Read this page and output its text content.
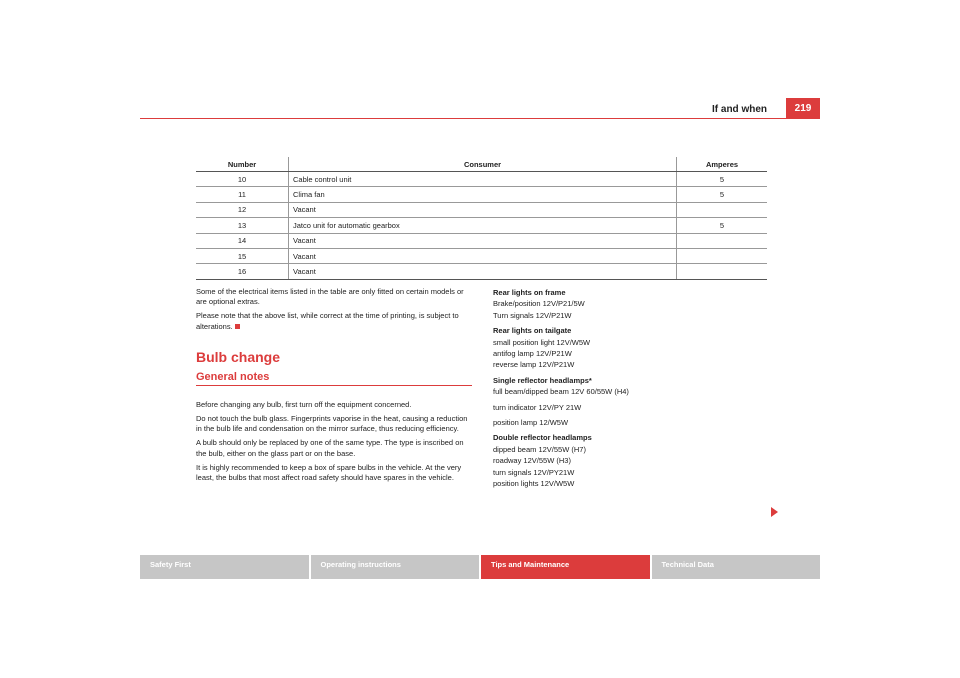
If and when	219
Number	Consumer	Amperes
10	Cable control unit	5
11	Clima fan	5
12	Vacant	
13	Jatco unit for automatic gearbox	5
14	Vacant	
15	Vacant	
16	Vacant	

Some of the electrical items listed in the table are only fitted on certain models or are optional extras.

Please note that the above list, while correct at the time of printing, is subject to alterations.

Bulb change
General notes

Before changing any bulb, first turn off the equipment concerned.

Do not touch the bulb glass. Fingerprints vaporise in the heat, causing a reduction in the bulb life and condensation on the mirror surface, thus reducing efficiency.

A bulb should only be replaced by one of the same type. The type is inscribed on the bulb, either on the glass part or on the base.

It is highly recommended to keep a box of spare bulbs in the vehicle. At the very least, the bulbs that most affect road safety should have spares in the vehicle.

Rear lights on frame
Brake/position 12V/P21/5W
Turn signals 12V/P21W
Rear lights on tailgate
small position light 12V/W5W
antifog lamp 12V/P21W
reverse lamp 12V/P21W
Single reflector headlamps*
full beam/dipped beam 12V 60/55W (H4)
turn indicator 12V/PY 21W
position lamp 12/W5W
Double reflector headlamps
dipped beam 12V/55W (H7)
roadway 12V/55W (H3)
turn signals 12V/PY21W
position lights 12V/W5W
Safety First	Operating instructions	Tips and Maintenance	Technical Data
